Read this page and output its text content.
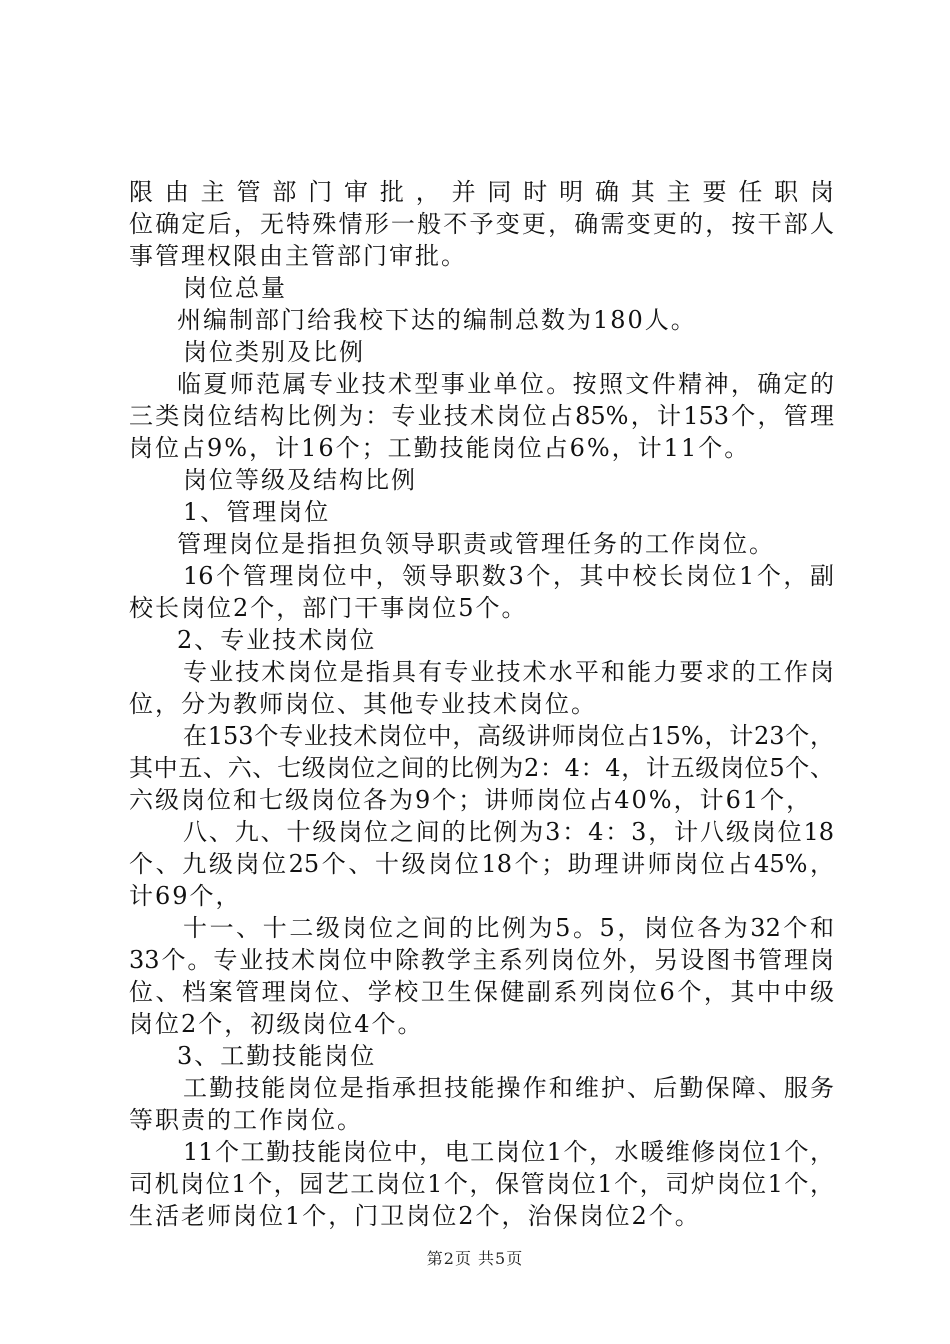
限由主管部门审批，并同时明确其主要任职岗
位确定后，无特殊情形一般不予变更，确需变更的，按干部人
事管理权限由主管部门审批。
岗位总量
州编制部门给我校下达的编制总数为180人。
岗位类别及比例
临夏师范属专业技术型事业单位。按照文件精神，确定的
三类岗位结构比例为：专业技术岗位占85%，计153个，管理
岗位占9%，计16个；工勤技能岗位占6%，计11个。
岗位等级及结构比例
1、管理岗位
管理岗位是指担负领导职责或管理任务的工作岗位。
16个管理岗位中，领导职数3个，其中校长岗位1个，副
校长岗位2个，部门干事岗位5个。
2、专业技术岗位
专业技术岗位是指具有专业技术水平和能力要求的工作岗
位，分为教师岗位、其他专业技术岗位。
在153个专业技术岗位中，高级讲师岗位占15%，计23个，
其中五、六、七级岗位之间的比例为2：4：4，计五级岗位5个、
六级岗位和七级岗位各为9个；讲师岗位占40%，计61个，
八、九、十级岗位之间的比例为3：4：3，计八级岗位18
个、九级岗位25个、十级岗位18个；助理讲师岗位占45%，
计69个，
十一、十二级岗位之间的比例为5。5，岗位各为32个和
33个。专业技术岗位中除教学主系列岗位外，另设图书管理岗
位、档案管理岗位、学校卫生保健副系列岗位6个，其中中级
岗位2个，初级岗位4个。
3、工勤技能岗位
工勤技能岗位是指承担技能操作和维护、后勤保障、服务
等职责的工作岗位。
11个工勤技能岗位中，电工岗位1个，水暖维修岗位1个，
司机岗位1个，园艺工岗位1个，保管岗位1个，司炉岗位1个，
生活老师岗位1个，门卫岗位2个，治保岗位2个。
第2页 共5页
